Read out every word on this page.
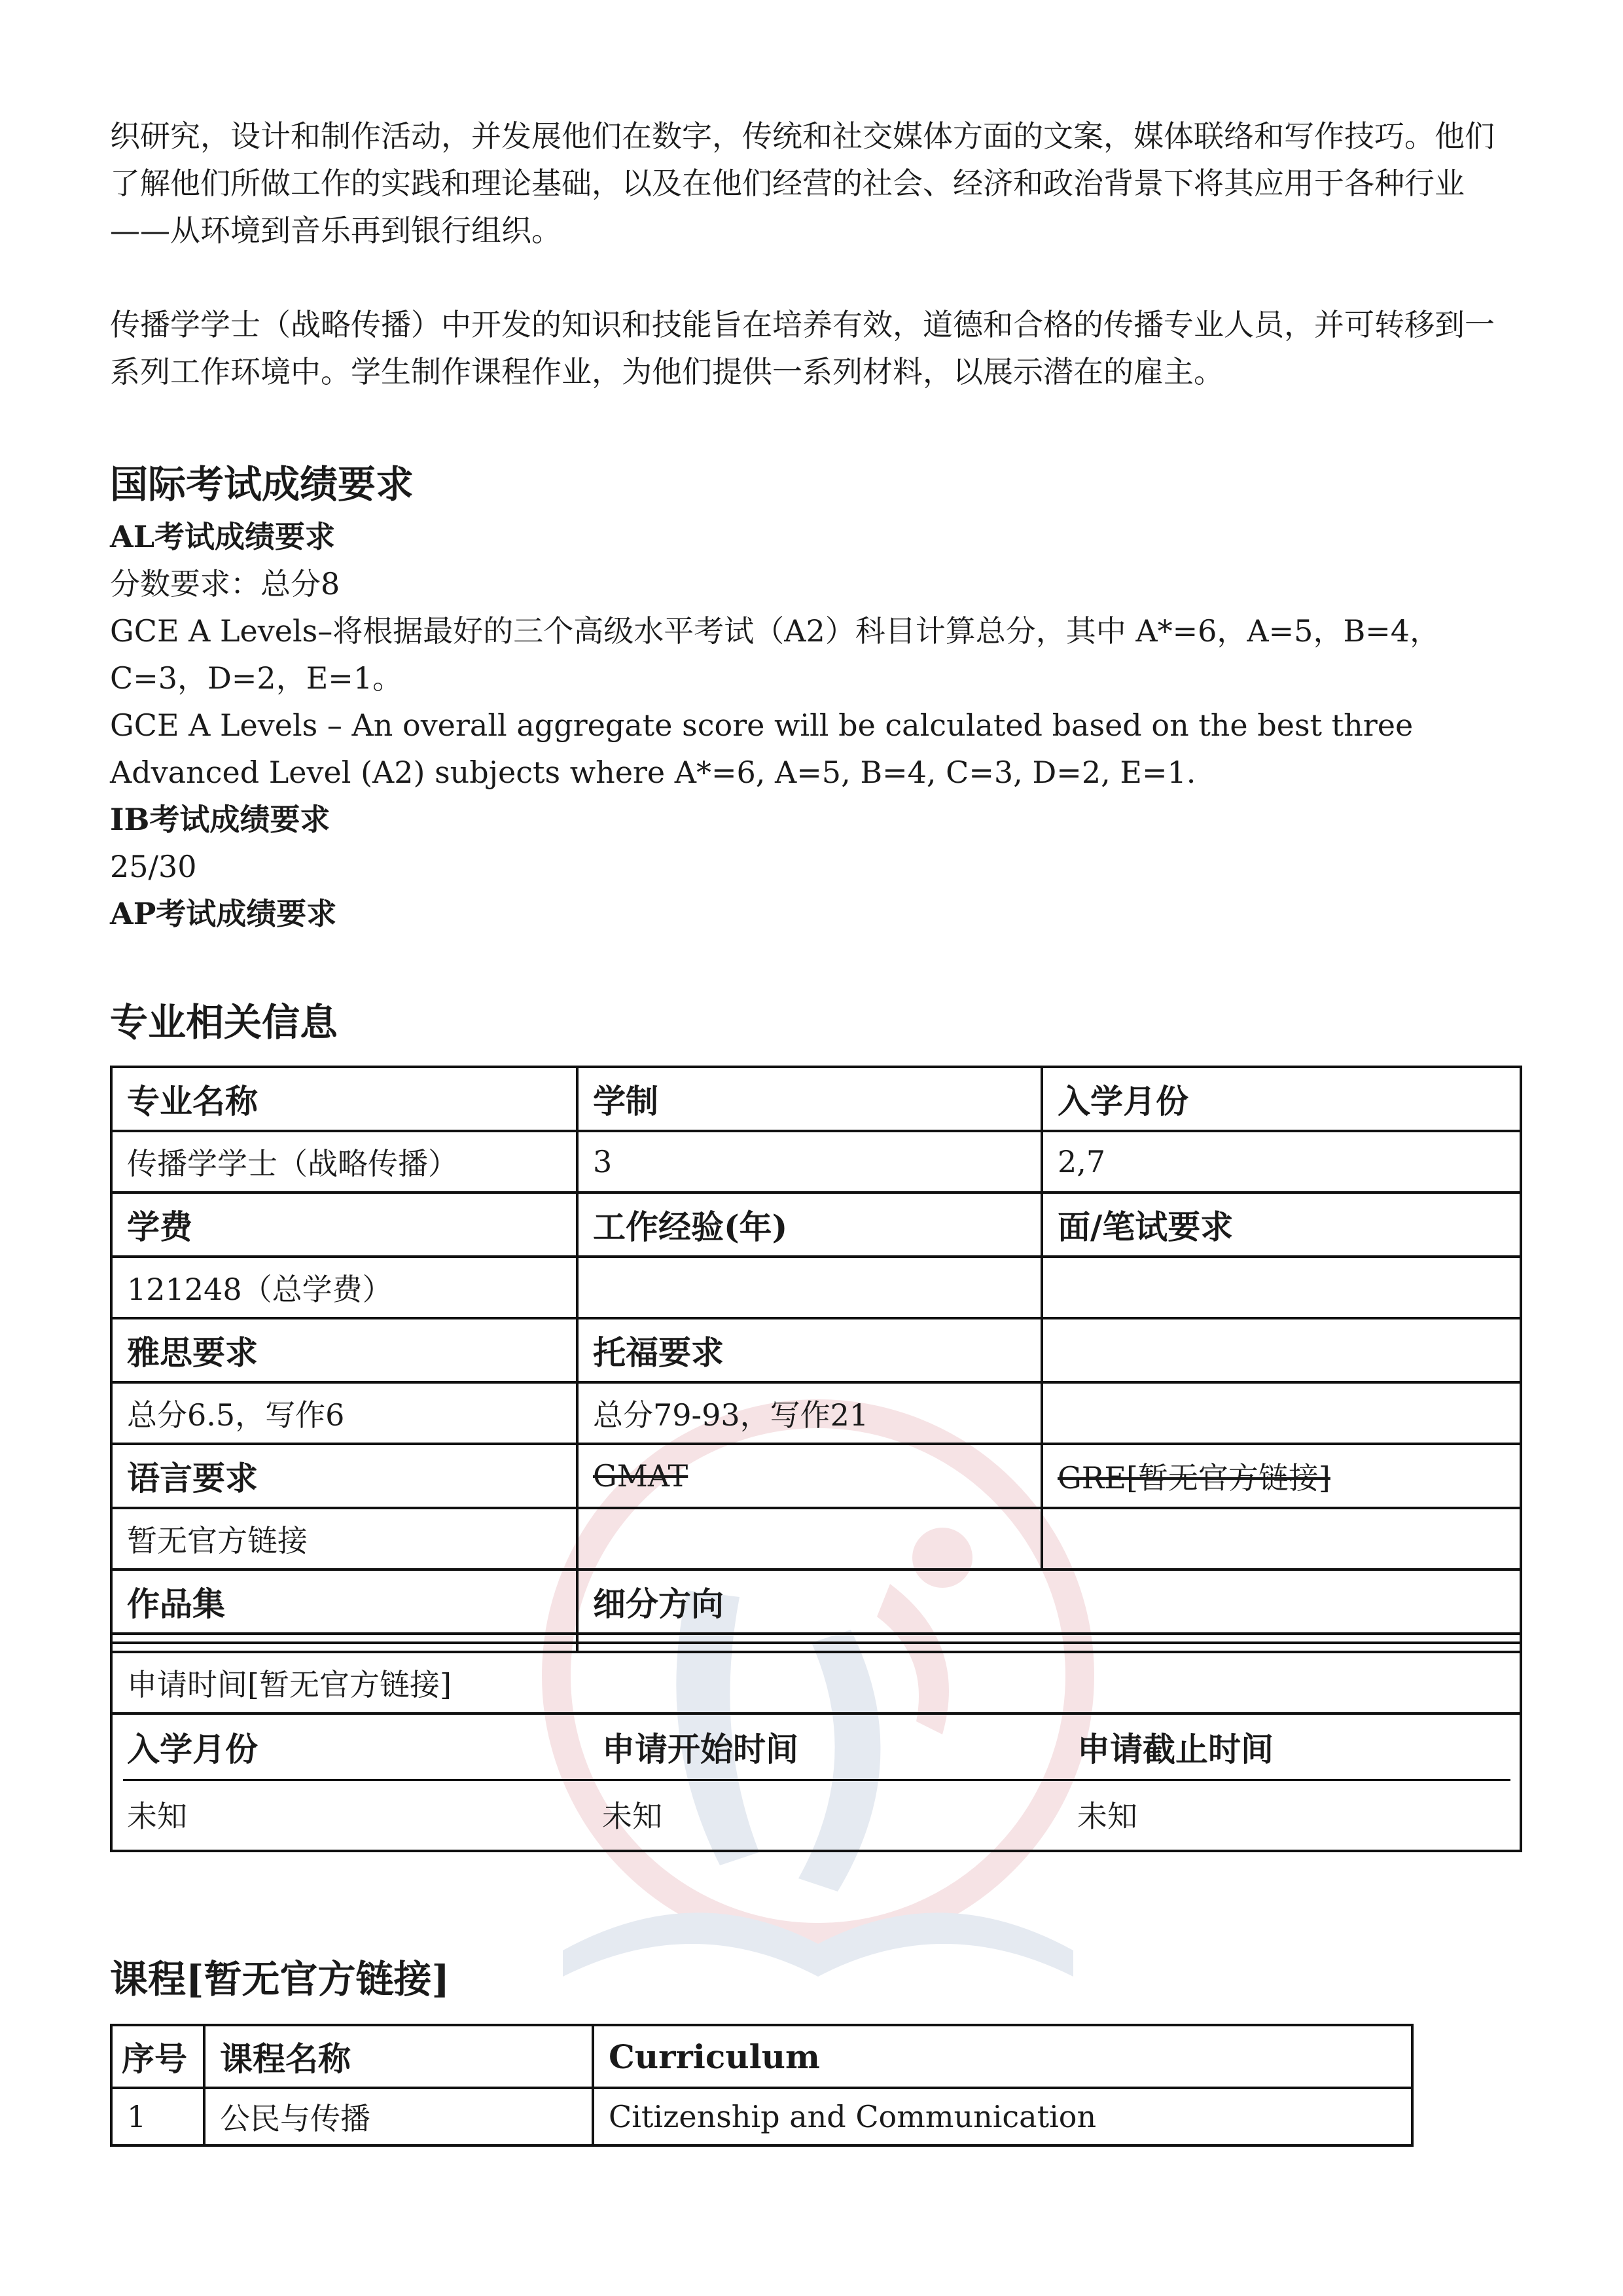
织研究，设计和制作活动，并发展他们在数字，传统和社交媒体方面的文案，媒体联络和写作技巧。他们了解他们所做工作的实践和理论基础，以及在他们经营的社会、经济和政治背景下将其应用于各种行业——从环境到音乐再到银行组织。

传播学学士（战略传播）中开发的知识和技能旨在培养有效，道德和合格的传播专业人员，并可转移到一系列工作环境中。学生制作课程作业，为他们提供一系列材料，以展示潜在的雇主。

国际考试成绩要求
AL考试成绩要求

分数要求：总分8

GCE A Levels–将根据最好的三个高级水平考试（A2）科目计算总分，其中 A*=6，A=5，B=4，

C=3，D=2，E=1。

GCE A Levels – An overall aggregate score will be calculated based on the best three

Advanced Level (A2) subjects where A*=6, A=5, B=4, C=3, D=2, E=1.

IB考试成绩要求

25/30

AP考试成绩要求
专业相关信息
专业名称	学制	入学月份
传播学学士（战略传播）	3	2,7
学费	工作经验(年)	面/笔试要求
121248（总学费）
雅思要求	托福要求
总分6.5，写作6	总分79-93，写作21
语言要求	GMAT	GRE[暂无官方链接]
暂无官方链接
作品集	细分方向
申请时间[暂无官方链接]
入学月份	申请开始时间	申请截止时间
未知	未知	未知
课程[暂无官方链接]
序号	课程名称	Curriculum
1	公民与传播	Citizenship and Communication
